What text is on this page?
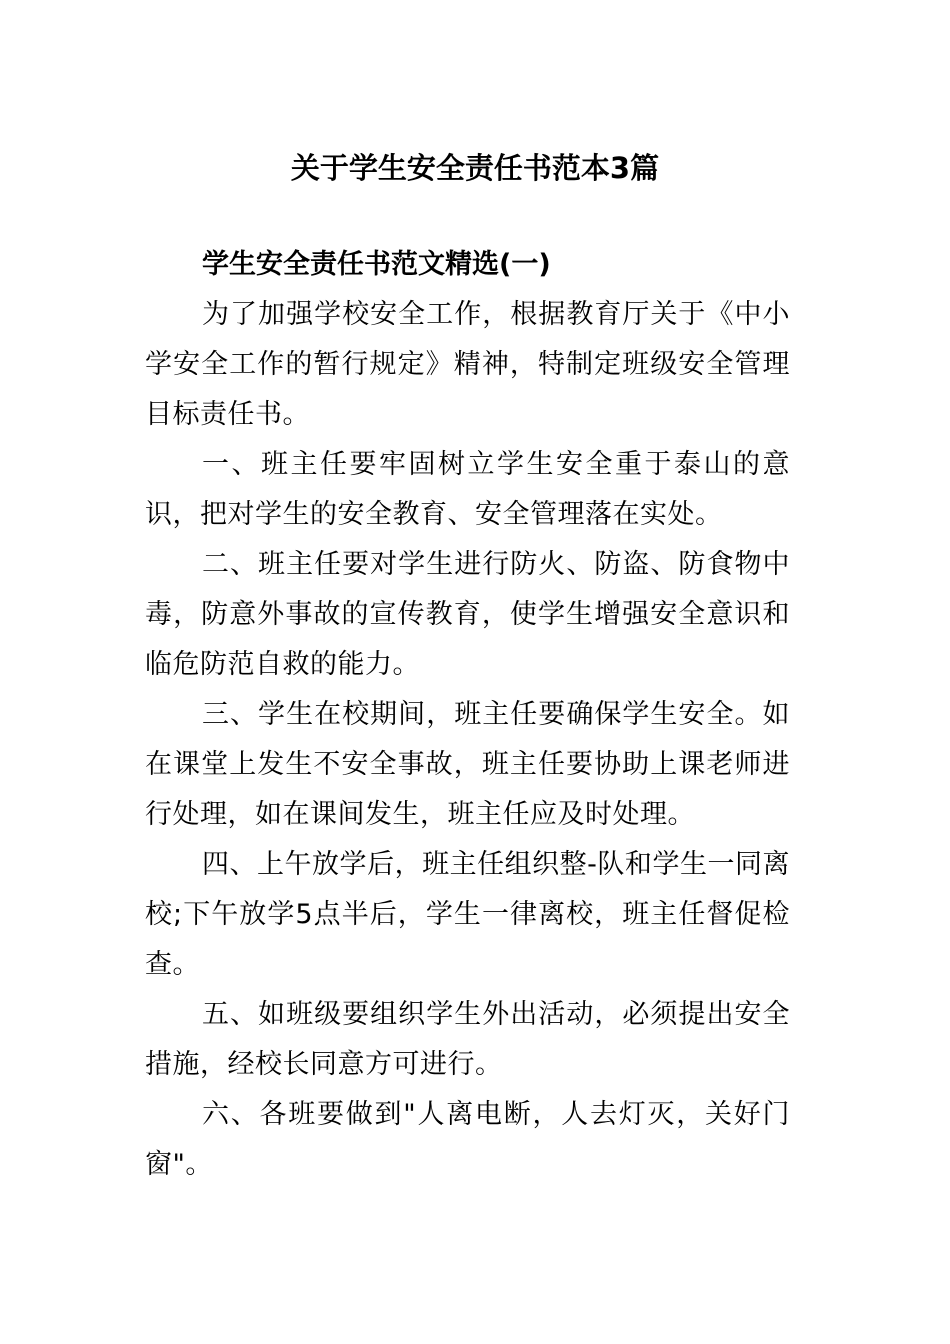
关于学生安全责任书范本3篇

学生安全责任书范文精选(一)

为了加强学校安全工作，根据教育厅关于《中小学安全工作的暂行规定》精神，特制定班级安全管理目标责任书。

一、班主任要牢固树立学生安全重于泰山的意识，把对学生的安全教育、安全管理落在实处。

二、班主任要对学生进行防火、防盗、防食物中毒，防意外事故的宣传教育，使学生增强安全意识和临危防范自救的能力。

三、学生在校期间，班主任要确保学生安全。如在课堂上发生不安全事故，班主任要协助上课老师进行处理，如在课间发生，班主任应及时处理。

四、上午放学后，班主任组织整-队和学生一同离校;下午放学5点半后，学生一律离校，班主任督促检查。

五、如班级要组织学生外出活动，必须提出安全措施，经校长同意方可进行。

六、各班要做到"人离电断，人去灯灭，关好门窗"。
